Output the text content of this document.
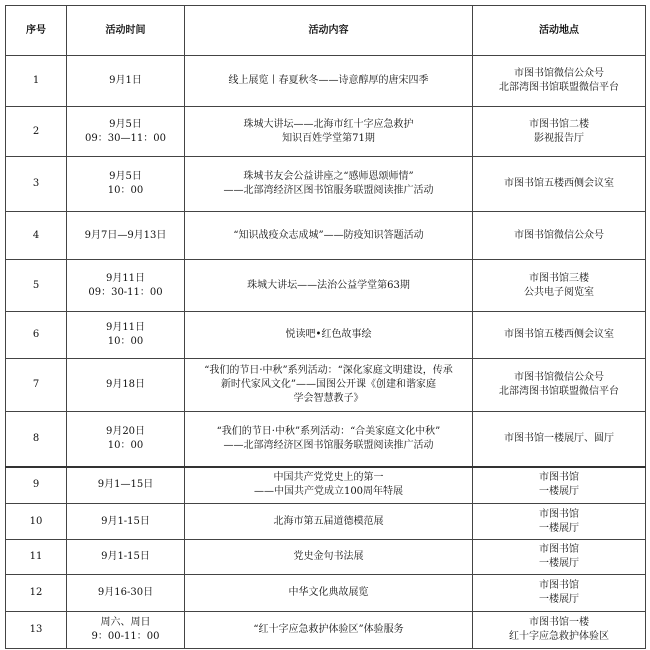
序号	活动时间	活动内容	活动地点
1	9月1日	线上展览丨春夏秋冬——诗意醇厚的唐宋四季	市图书馆微信公众号
北部湾图书馆联盟微信平台
2	9月5日
09：30—11：00	珠城大讲坛——北海市红十字应急救护
知识百姓学堂第71期	市图书馆二楼
影视报告厅
3	9月5日
10：00	珠城书友会公益讲座之“感师恩颂师情”
——北部湾经济区图书馆服务联盟阅读推广活动	市图书馆五楼西侧会议室
4	9月7日—9月13日	“知识战疫众志成城”——防疫知识答题活动	市图书馆微信公众号
5	9月11日
09：30-11：00	珠城大讲坛——法治公益学堂第63期	市图书馆三楼
公共电子阅览室
6	9月11日
10：00	悦读吧•红色故事绘	市图书馆五楼西侧会议室
7	9月18日	“我们的节日·中秋”系列活动：“深化家庭文明建设，传承
新时代家风文化”——国图公开课《创建和谐家庭
学会智慧教子》	市图书馆微信公众号
北部湾图书馆联盟微信平台
8	9月20日
10：00	“我们的节日·中秋”系列活动：“合美家庭文化中秋”
——北部湾经济区图书馆服务联盟阅读推广活动	市图书馆一楼展厅、圆厅
9	9月1—15日	中国共产党党史上的第一
——中国共产党成立100周年特展	市图书馆
一楼展厅
10	9月1-15日	北海市第五届道德模范展	市图书馆
一楼展厅
11	9月1-15日	党史金句书法展	市图书馆
一楼展厅
12	9月16-30日	中华文化典故展览	市图书馆
一楼展厅
13	周六、周日
9：00-11：00	“红十字应急救护体验区”体验服务	市图书馆一楼
红十字应急救护体验区
